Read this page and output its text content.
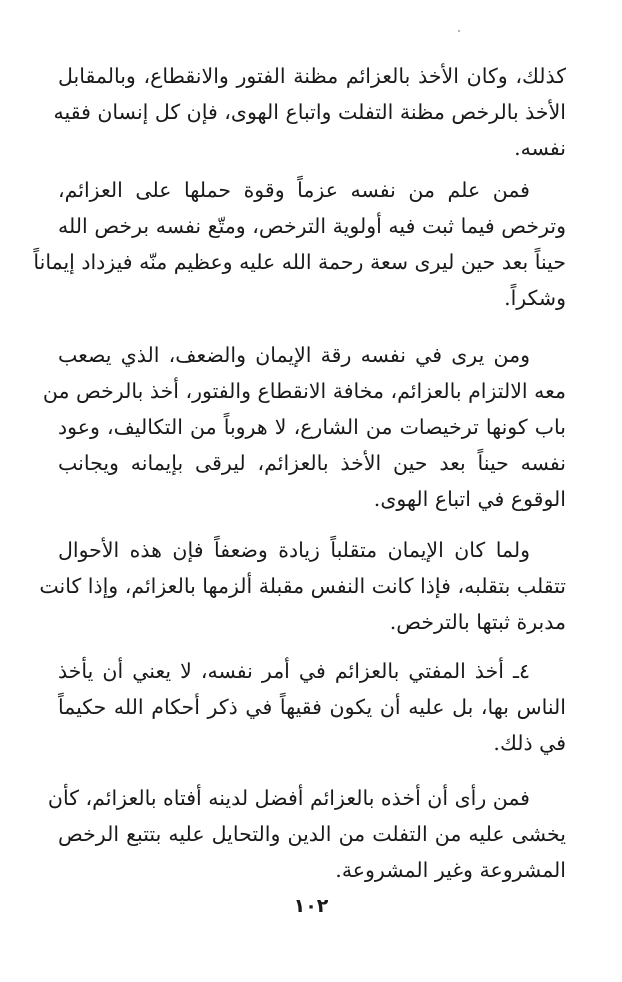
كذلك، وكان الأخذ بالعزائم مظنة الفتور والانقطاع، وبالمقابل
الأخذ بالرخص مظنة التفلت واتباع الهوى، فإن كل إنسان فقيه
نفسه.
فمن علم من نفسه عزماً وقوة حملها على العزائم،
وترخص فيما ثبت فيه أولوية الترخص، ومتّع نفسه برخص الله
حيناً بعد حين ليرى سعة رحمة الله عليه وعظيم منّه فيزداد إيماناً
وشكراً.
ومن يرى في نفسه رقة الإيمان والضعف، الذي يصعب
معه الالتزام بالعزائم، مخافة الانقطاع والفتور، أخذ بالرخص من
باب كونها ترخيصات من الشارع، لا هروباً من التكاليف، وعود
نفسه حيناً بعد حين الأخذ بالعزائم، ليرقى بإيمانه ويجانب
الوقوع في اتباع الهوى.
ولما كان الإيمان متقلباً زيادة وضعفاً فإن هذه الأحوال
تتقلب بتقلبه، فإذا كانت النفس مقبلة ألزمها بالعزائم، وإذا كانت
مدبرة ثبتها بالترخص.
٤ـ أخذ المفتي بالعزائم في أمر نفسه، لا يعني أن يأخذ
الناس بها، بل عليه أن يكون فقيهاً في ذكر أحكام الله حكيماً
في ذلك.
فمن رأى أن أخذه بالعزائم أفضل لدينه أفتاه بالعزائم، كأن
يخشى عليه من التفلت من الدين والتحايل عليه بتتبع الرخص
المشروعة وغير المشروعة.
١٠٢
